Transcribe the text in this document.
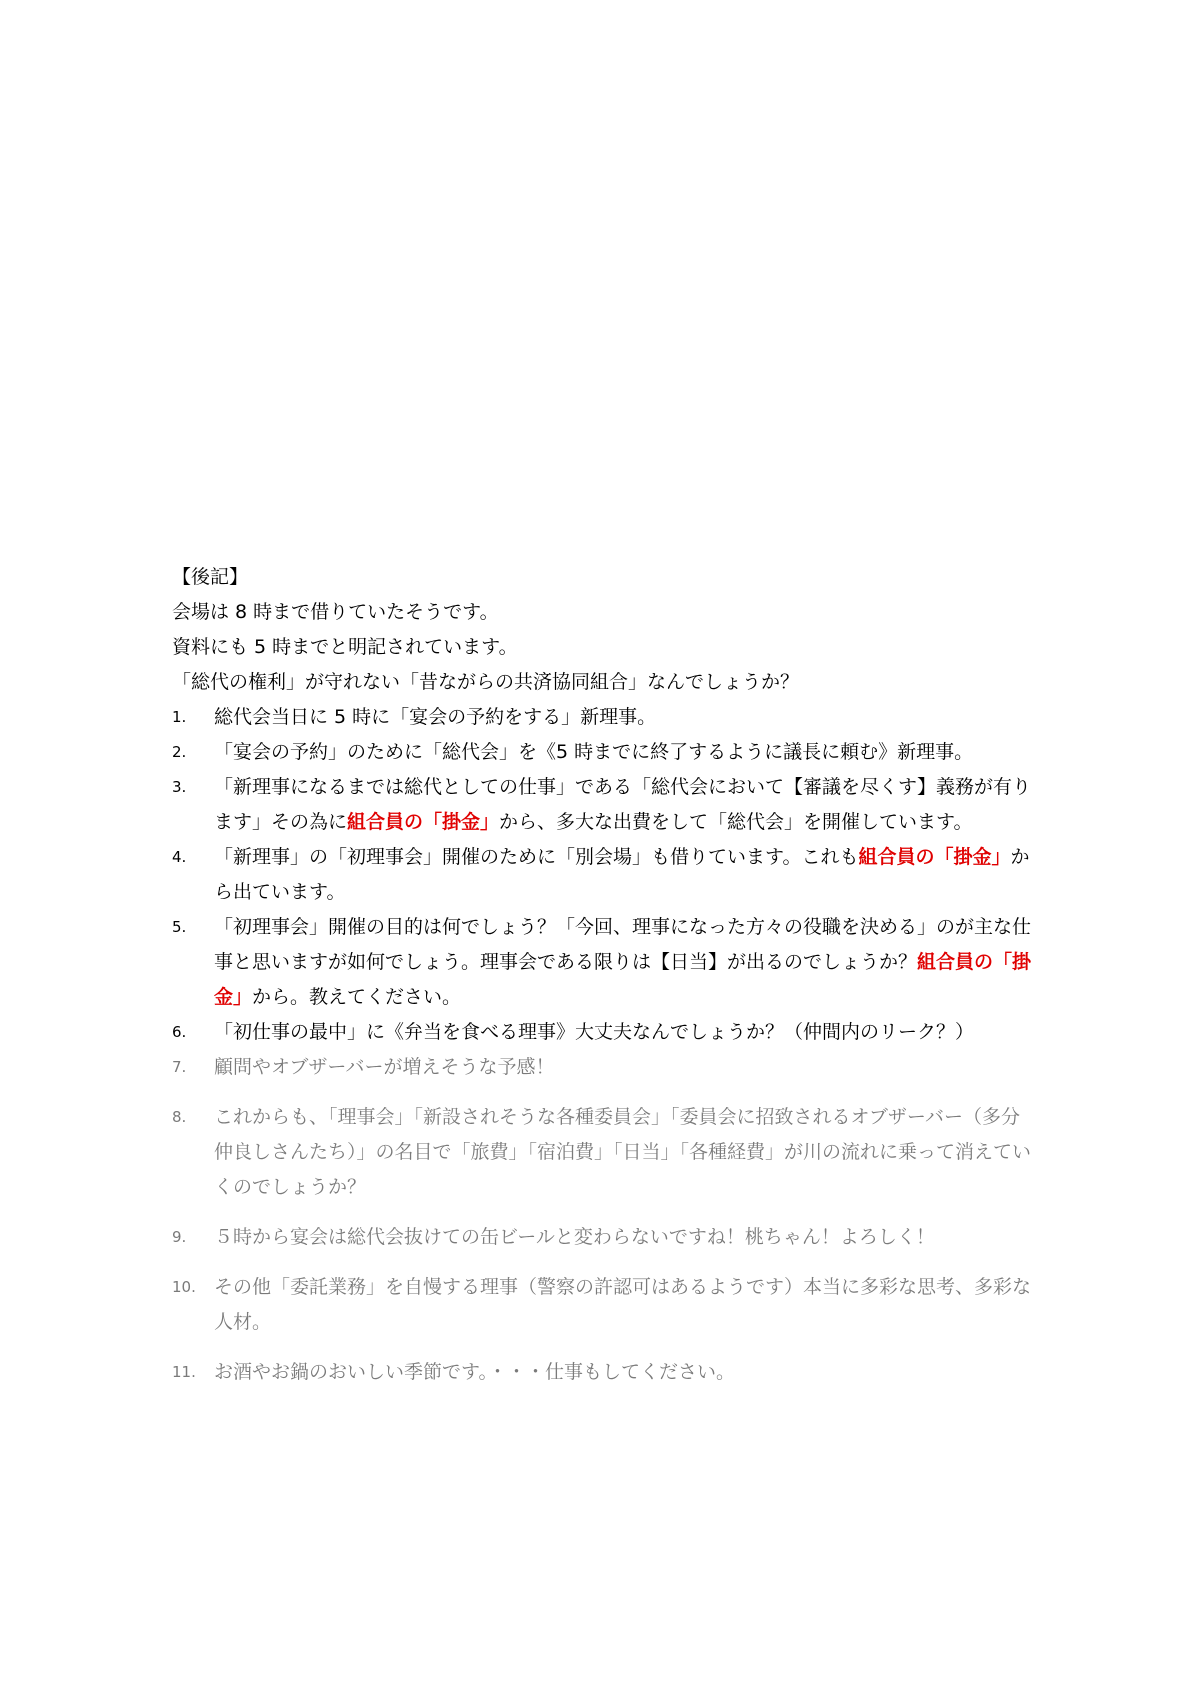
【後記】

会場は 8 時まで借りていたそうです。

資料にも 5 時までと明記されています。

「総代の権利」が守れない「昔ながらの共済協同組合」なんでしょうか？

1.	総代会当日に 5 時に「宴会の予約をする」新理事。
2.	「宴会の予約」のために「総代会」を《5 時までに終了するように議長に頼む》新理事。
3.	「新理事になるまでは総代としての仕事」である「総代会において【審議を尽くす】義務が有ります」その為に組合員の「掛金」から、多大な出費をして「総代会」を開催しています。
4.	「新理事」の「初理事会」開催のために「別会場」も借りています。これも組合員の「掛金」から出ています。
5.	「初理事会」開催の目的は何でしょう？「今回、理事になった方々の役職を決める」のが主な仕事と思いますが如何でしょう。理事会である限りは【日当】が出るのでしょうか？組合員の「掛金」から。教えてください。
6.	「初仕事の最中」に《弁当を食べる理事》大丈夫なんでしょうか？（仲間内のリーク？）
7.	顧問やオブザーバーが増えそうな予感！
8.	これからも、「理事会」「新設されそうな各種委員会」「委員会に招致されるオブザーバー（多分仲良しさんたち）」の名目で「旅費」「宿泊費」「日当」「各種経費」が川の流れに乗って消えていくのでしょうか？
9.	５時から宴会は総代会抜けての缶ビールと変わらないですね！桃ちゃん！よろしく！
10. その他「委託業務」を自慢する理事（警察の許認可はあるようです）本当に多彩な思考、多彩な人材。
11. お酒やお鍋のおいしい季節です。・・・仕事もしてください。
